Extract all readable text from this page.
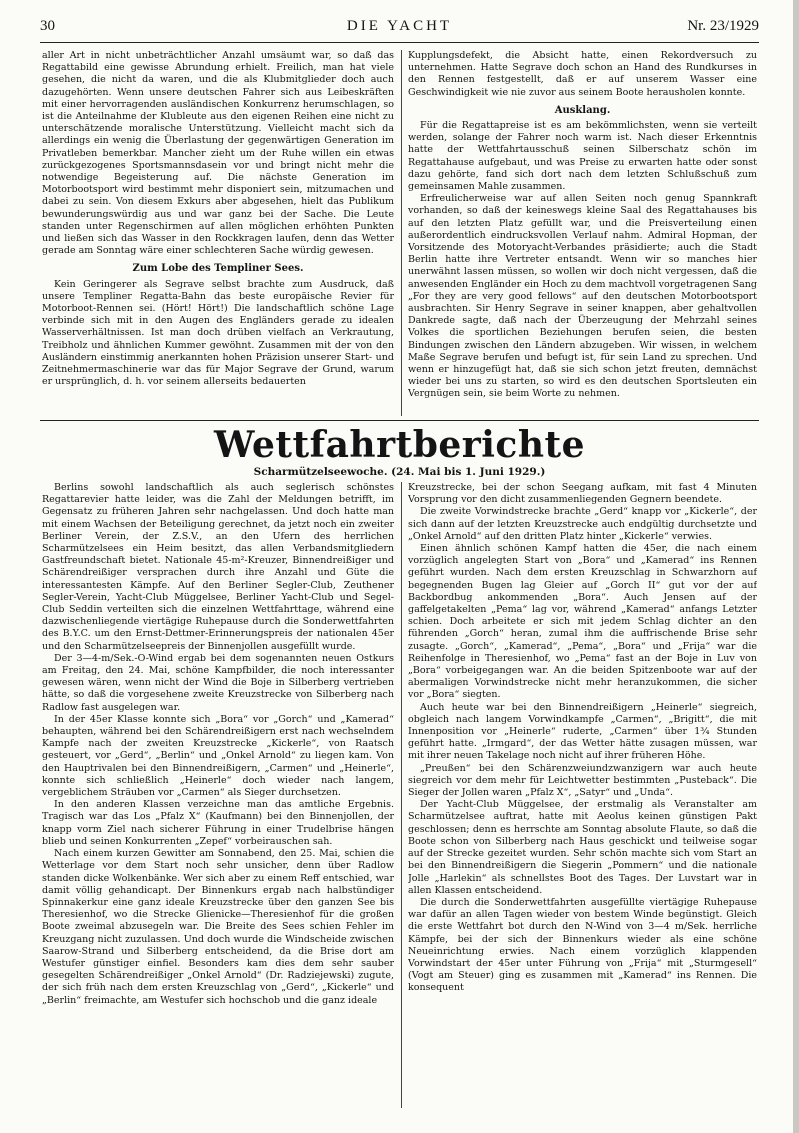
30	DIE YACHT	Nr. 23/1929

aller Art in nicht unbeträchtlicher Anzahl umsäumt war, so daß das Regattabild eine gewisse Abrundung erhielt. Freilich, man hat viele gesehen, die nicht da waren, und die als Klubmitglieder doch auch dazugehörten. Wenn unsere deutschen Fahrer sich aus Leibeskräften mit einer hervorragenden ausländischen Konkurrenz herumschlagen, so ist die Anteilnahme der Klubleute aus den eigenen Reihen eine nicht zu unterschätzende moralische Unterstützung. Vielleicht macht sich da allerdings ein wenig die Überlastung der gegenwärtigen Generation im Privatleben bemerkbar. Mancher zieht um der Ruhe willen ein etwas zurückgezogenes Sportsmannsdasein vor und bringt nicht mehr die notwendige Begeisterung auf. Die nächste Generation im Motorbootsport wird bestimmt mehr disponiert sein, mitzumachen und dabei zu sein. Von diesem Exkurs aber abgesehen, hielt das Publikum bewunderungswürdig aus und war ganz bei der Sache. Die Leute standen unter Regenschirmen auf allen möglichen erhöhten Punkten und ließen sich das Wasser in den Rockkragen laufen, denn das Wetter gerade am Sonntag wäre einer schlechteren Sache würdig gewesen.

Zum Lobe des Templiner Sees.

Kein Geringerer als Segrave selbst brachte zum Ausdruck, daß unsere Templiner Regatta-Bahn das beste europäische Revier für Motorboot-Rennen sei. (Hört! Hört!) Die landschaftlich schöne Lage verbinde sich mit in den Augen des Engländers gerade zu idealen Wasserverhältnissen. Ist man doch drüben vielfach an Verkrautung, Treibholz und ähnlichen Kummer gewöhnt. Zusammen mit der von den Ausländern einstimmig anerkannten hohen Präzision unserer Start- und Zeitnehmermaschinerie war das für Major Segrave der Grund, warum er ursprünglich, d. h. vor seinem allerseits bedauerten

Kupplungsdefekt, die Absicht hatte, einen Rekordversuch zu unternehmen. Hatte Segrave doch schon an Hand des Rundkurses in den Rennen festgestellt, daß er auf unserem Wasser eine Geschwindigkeit wie nie zuvor aus seinem Boote herausholen konnte.

Ausklang.

Für die Regattapreise ist es am bekömmlichsten, wenn sie verteilt werden, solange der Fahrer noch warm ist. Nach dieser Erkenntnis hatte der Wettfahrtausschuß seinen Silberschatz schön im Regattahause aufgebaut, und was Preise zu erwarten hatte oder sonst dazu gehörte, fand sich dort nach dem letzten Schlußschuß zum gemeinsamen Mahle zusammen.

Erfreulicherweise war auf allen Seiten noch genug Spannkraft vorhanden, so daß der keineswegs kleine Saal des Regattahauses bis auf den letzten Platz gefüllt war, und die Preisverteilung einen außerordentlich eindrucksvollen Verlauf nahm. Admiral Hopman, der Vorsitzende des Motoryacht-Verbandes präsidierte; auch die Stadt Berlin hatte ihre Vertreter entsandt. Wenn wir so manches hier unerwähnt lassen müssen, so wollen wir doch nicht vergessen, daß die anwesenden Engländer ein Hoch zu dem machtvoll vorgetragenen Sang „For they are very good fellows“ auf den deutschen Motorbootsport ausbrachten. Sir Henry Segrave in seiner knappen, aber gehaltvollen Dankrede sagte, daß nach der Überzeugung der Mehrzahl seines Volkes die sportlichen Beziehungen berufen seien, die besten Bindungen zwischen den Ländern abzugeben. Wir wissen, in welchem Maße Segrave berufen und befugt ist, für sein Land zu sprechen. Und wenn er hinzugefügt hat, daß sie sich schon jetzt freuten, demnächst wieder bei uns zu starten, so wird es den deutschen Sportsleuten ein Vergnügen sein, sie beim Worte zu nehmen.

Wettfahrtberichte
Scharmützelseewoche. (24. Mai bis 1. Juni 1929.)

Berlins sowohl landschaftlich als auch seglerisch schönstes Regattarevier hatte leider, was die Zahl der Meldungen betrifft, im Gegensatz zu früheren Jahren sehr nachgelassen. Und doch hatte man mit einem Wachsen der Beteiligung gerechnet, da jetzt noch ein zweiter Berliner Verein, der Z.S.V., an den Ufern des herrlichen Scharmützelsees ein Heim besitzt, das allen Verbandsmitgliedern Gastfreundschaft bietet. Nationale 45-m²-Kreuzer, Binnendreißiger und Schärendreißiger versprachen durch ihre Anzahl und Güte die interessantesten Kämpfe. Auf den Berliner Segler-Club, Zeuthener Segler-Verein, Yacht-Club Müggelsee, Berliner Yacht-Club und Segel-Club Seddin verteilten sich die einzelnen Wettfahrttage, während eine dazwischenliegende viertägige Ruhepause durch die Sonderwettfahrten des B.Y.C. um den Ernst-Dettmer-Erinnerungspreis der nationalen 45er und den Scharmützelseepreis der Binnenjollen ausgefüllt wurde.

Der 3—4-m/Sek.-O-Wind ergab bei dem sogenannten neuen Ostkurs am Freitag, den 24. Mai, schöne Kampfbilder, die noch interessanter gewesen wären, wenn nicht der Wind die Boje in Silberberg vertrieben hätte, so daß die vorgesehene zweite Kreuzstrecke von Silberberg nach Radlow fast ausgelegen war.

In der 45er Klasse konnte sich „Bora“ vor „Gorch“ und „Kamerad“ behaupten, während bei den Schärendreißigern erst nach wechselndem Kampfe nach der zweiten Kreuzstrecke „Kickerle“, von Raatsch gesteuert, vor „Gerd“, „Berlin“ und „Onkel Arnold“ zu liegen kam. Von den Hauptrivalen bei den Binnendreißigern, „Carmen“ und „Heinerle“, konnte sich schließlich „Heinerle“ doch wieder nach langem, vergeblichem Sträuben vor „Carmen“ als Sieger durchsetzen.

In den anderen Klassen verzeichne man das amtliche Ergebnis. Tragisch war das Los „Pfalz X“ (Kaufmann) bei den Binnenjollen, der knapp vorm Ziel nach sicherer Führung in einer Trudelbrise hängen blieb und seinen Konkurrenten „Zepef“ vorbeirauschen sah.

Nach einem kurzen Gewitter am Sonnabend, den 25. Mai, schien die Wetterlage vor dem Start noch sehr unsicher, denn über Radlow standen dicke Wolkenbänke. Wer sich aber zu einem Reff entschied, war damit völlig gehandicapt. Der Binnenkurs ergab nach halbstündiger Spinnakerkur eine ganz ideale Kreuzstrecke über den ganzen See bis Theresienhof, wo die Strecke Glienicke—Theresienhof für die großen Boote zweimal abzusegeln war. Die Breite des Sees schien Fehler im Kreuzgang nicht zuzulassen. Und doch wurde die Windscheide zwischen Saarow-Strand und Silberberg entscheidend, da die Brise dort am Westufer günstiger einfiel. Besonders kam dies dem sehr sauber gesegelten Schärendreißiger „Onkel Arnold“ (Dr. Radziejewski) zugute, der sich früh nach dem ersten Kreuzschlag von „Gerd“, „Kickerle“ und „Berlin“ freimachte, am Westufer sich hochschob und die ganz ideale

Kreuzstrecke, bei der schon Seegang aufkam, mit fast 4 Minuten Vorsprung vor den dicht zusammenliegenden Gegnern beendete.

Die zweite Vorwindstrecke brachte „Gerd“ knapp vor „Kickerle“, der sich dann auf der letzten Kreuzstrecke auch endgültig durchsetzte und „Onkel Arnold“ auf den dritten Platz hinter „Kickerle“ verwies.

Einen ähnlich schönen Kampf hatten die 45er, die nach einem vorzüglich angelegten Start von „Bora“ und „Kamerad“ ins Rennen geführt wurden. Nach dem ersten Kreuzschlag in Schwarzhorn auf begegnenden Bugen lag Gleier auf „Gorch II“ gut vor der auf Backbordbug ankommenden „Bora“. Auch Jensen auf der gaffelgetakelten „Pema“ lag vor, während „Kamerad“ anfangs Letzter schien. Doch arbeitete er sich mit jedem Schlag dichter an den führenden „Gorch“ heran, zumal ihm die auffrischende Brise sehr zusagte. „Gorch“, „Kamerad“, „Pema“, „Bora“ und „Frija“ war die Reihenfolge in Theresienhof, wo „Pema“ fast an der Boje in Luv von „Bora“ vorbeigegangen war. An die beiden Spitzenboote war auf der abermaligen Vorwindstrecke nicht mehr heranzukommen, die sicher vor „Bora“ siegten.

Auch heute war bei den Binnendreißigern „Heinerle“ siegreich, obgleich nach langem Vorwindkampfe „Carmen“, „Brigitt“, die mit Innenposition vor „Heinerle“ ruderte, „Carmen“ über 1¾ Stunden geführt hatte. „Irmgard“, der das Wetter hätte zusagen müssen, war mit ihrer neuen Takelage noch nicht auf ihrer früheren Höhe.

„Preußen“ bei den Schärenzweiundzwanzigern war auch heute siegreich vor dem mehr für Leichtwetter bestimmten „Pusteback“. Die Sieger der Jollen waren „Pfalz X“, „Satyr“ und „Unda“.

Der Yacht-Club Müggelsee, der erstmalig als Veranstalter am Scharmützelsee auftrat, hatte mit Aeolus keinen günstigen Pakt geschlossen; denn es herrschte am Sonntag absolute Flaute, so daß die Boote schon von Silberberg nach Haus geschickt und teilweise sogar auf der Strecke gezeitet wurden. Sehr schön machte sich vom Start an bei den Binnendreißigern die Siegerin „Pommern“ und die nationale Jolle „Harlekin“ als schnellstes Boot des Tages. Der Luvstart war in allen Klassen entscheidend.

Die durch die Sonderwettfahrten ausgefüllte viertägige Ruhepause war dafür an allen Tagen wieder von bestem Winde begünstigt. Gleich die erste Wettfahrt bot durch den N-Wind von 3—4 m/Sek. herrliche Kämpfe, bei der sich der Binnenkurs wieder als eine schöne Neueinrichtung erwies. Nach einem vorzüglich klappenden Vorwindstart der 45er unter Führung von „Frija“ mit „Sturmgesell“ (Vogt am Steuer) ging es zusammen mit „Kamerad“ ins Rennen. Die konsequent
